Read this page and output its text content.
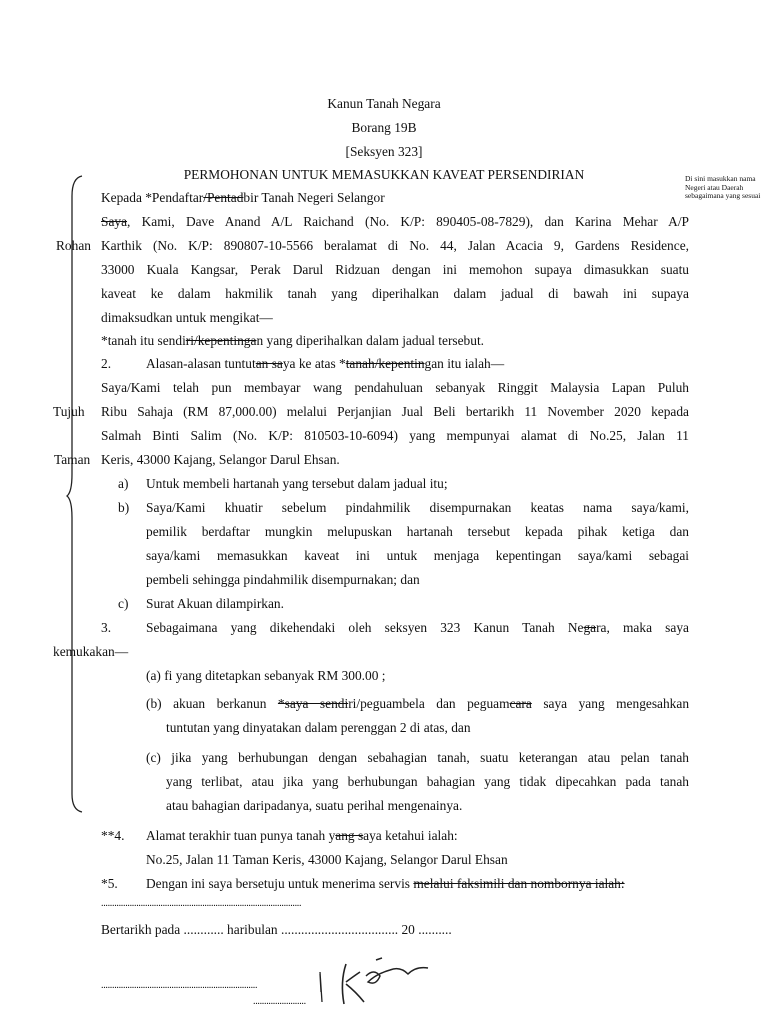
Kanun Tanah Negara
Borang 19B
[Seksyen 323]
PERMOHONAN UNTUK MEMASUKKAN KAVEAT PERSENDIRIAN	Di sini masukkan nama Negeri atau Daerah sebagaimana yang sesuai
Kepada *Pendaftar/Pentadbir Tanah Negeri Selangor
Saya, Kami, Dave Anand A/L Raichand (No. K/P: 890405-08-7829), dan Karina Mehar A/P
Rohan Karthik (No. K/P: 890807-10-5566 beralamat di No. 44, Jalan Acacia 9, Gardens Residence,
33000 Kuala Kangsar, Perak Darul Ridzuan dengan ini memohon supaya dimasukkan suatu
kaveat ke dalam hakmilik tanah yang diperihalkan dalam jadual di bawah ini supaya
dimaksudkan untuk mengikat—
*tanah itu sendiri/kepentingan yang diperihalkan dalam jadual tersebut.
2.	Alasan-alasan tuntutan saya ke atas *tanah/kepentingan itu ialah—
Saya/Kami telah pun membayar wang pendahuluan sebanyak Ringgit Malaysia Lapan Puluh
Tujuh Ribu Sahaja (RM 87,000.00) melalui Perjanjian Jual Beli bertarikh 11 November 2020 kepada
Salmah Binti Salim (No. K/P: 810503-10-6094) yang mempunyai alamat di No.25, Jalan 11
Taman Keris, 43000 Kajang, Selangor Darul Ehsan.
a) Untuk membeli hartanah yang tersebut dalam jadual itu;
b) Saya/Kami khuatir sebelum pindahmilik disempurnakan keatas nama saya/kami,
pemilik berdaftar mungkin melupuskan hartanah tersebut kepada pihak ketiga dan
saya/kami memasukkan kaveat ini untuk menjaga kepentingan saya/kami sebagai
pembeli sehingga pindahmilik disempurnakan; dan
c) Surat Akuan dilampirkan.
3.	Sebagaimana yang dikehendaki oleh seksyen 323 Kanun Tanah Negara, maka saya
kemukakan—
(a) fi yang ditetapkan sebanyak RM 300.00 ;
(b) akuan berkanun *saya sendiri/peguambela dan peguamcara saya yang mengesahkan
tuntutan yang dinyatakan dalam perenggan 2 di atas, dan
(c) jika yang berhubungan dengan sebahagian tanah, suatu keterangan atau pelan tanah
yang terlibat, atau jika yang berhubungan bahagian yang tidak dipecahkan pada tanah
atau bahagian daripadanya, suatu perihal mengenainya.
**4. Alamat terakhir tuan punya tanah yang saya ketahui ialah:
No.25, Jalan 11 Taman Keris, 43000 Kajang, Selangor Darul Ehsan
*5. Dengan ini saya bersetuju untuk menerima servis melalui faksimili dan nombornya ialah:
...........................................................................................
Bertarikh pada ............ haribulan ................................... 20 ..........
.......................................................................
........................
